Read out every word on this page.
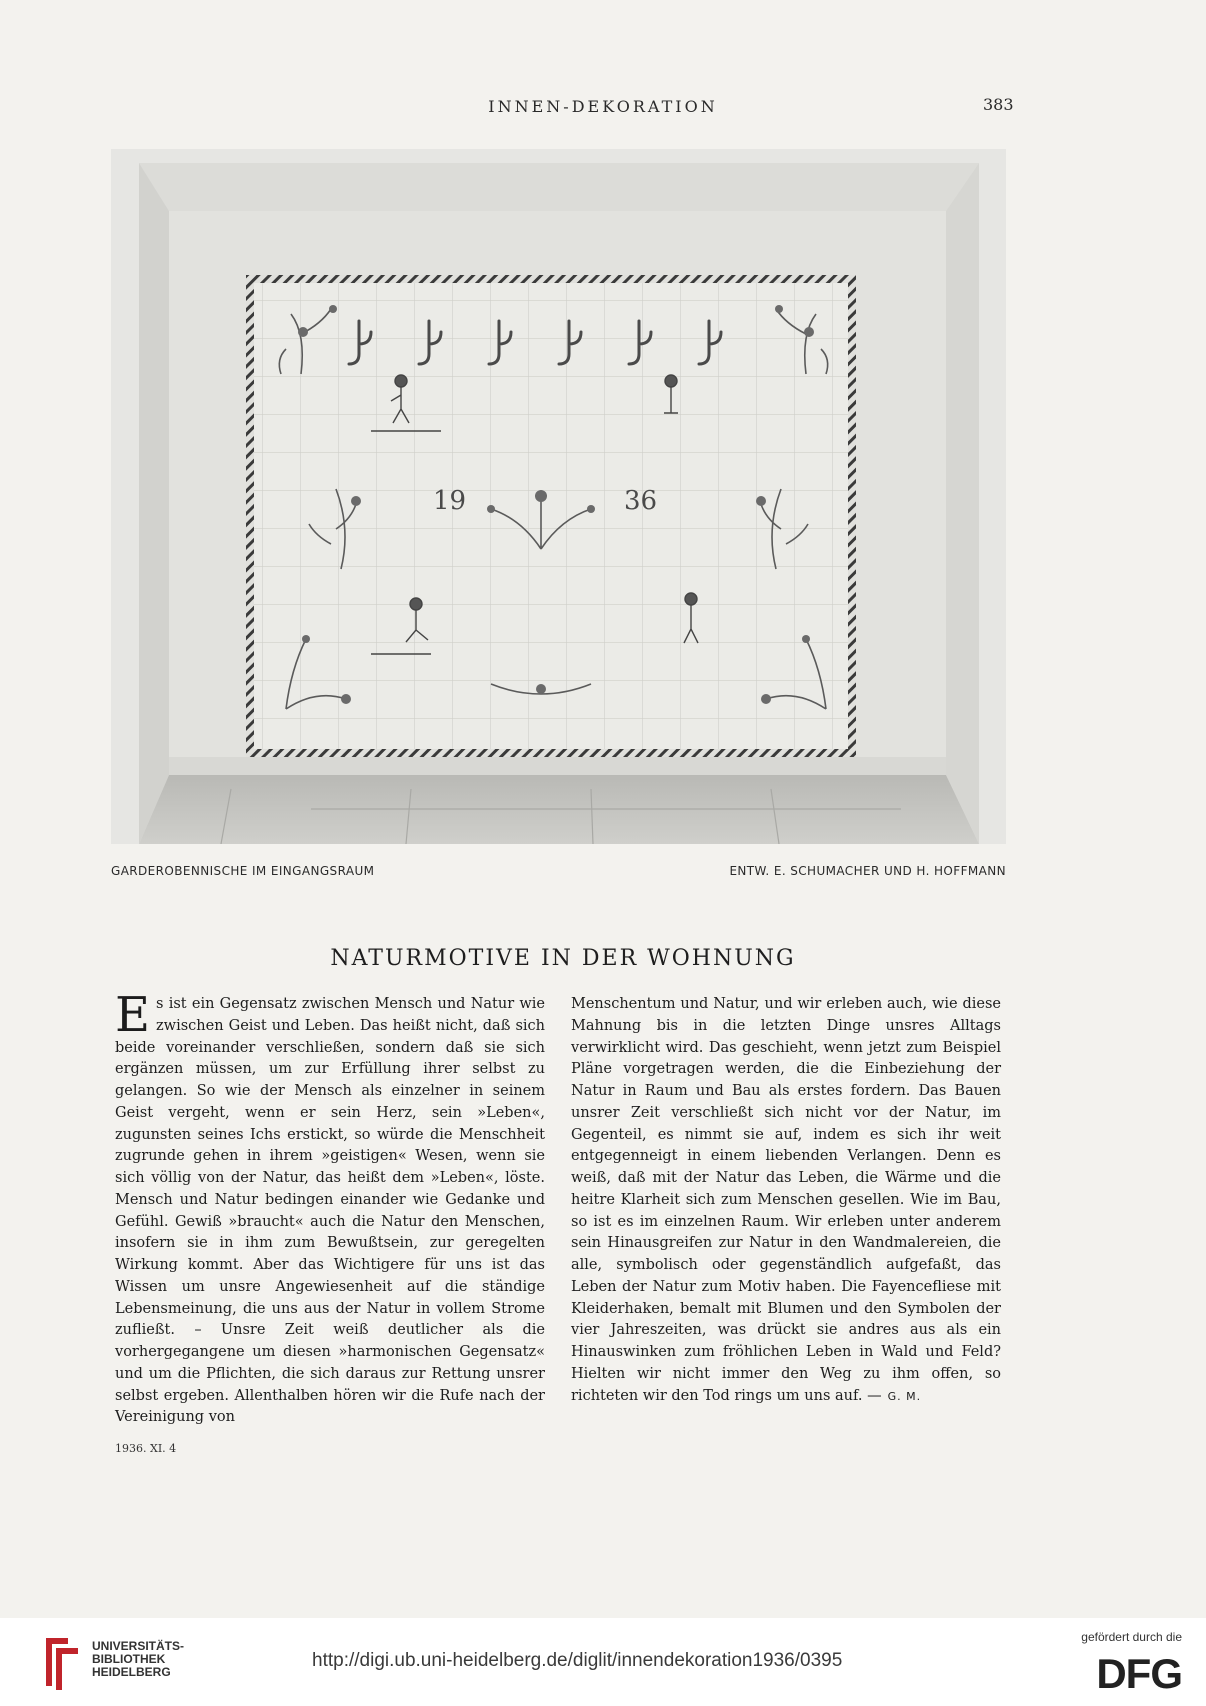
INNEN-DEKORATION	383
19	36
GARDEROBENNISCHE IM EINGANGSRAUM	ENTW. E. SCHUMACHER UND H. HOFFMANN
NATURMOTIVE IN DER WOHNUNG
Es ist ein Gegensatz zwischen Mensch und Natur wie zwischen Geist und Leben. Das heißt nicht, daß sich beide voreinander verschließen, sondern daß sie sich ergänzen müssen, um zur Erfüllung ihrer selbst zu gelangen. So wie der Mensch als einzelner in seinem Geist vergeht, wenn er sein Herz, sein »Leben«, zugunsten seines Ichs erstickt, so würde die Menschheit zugrunde gehen in ihrem »geistigen« Wesen, wenn sie sich völlig von der Natur, das heißt dem »Leben«, löste. Mensch und Natur bedingen einander wie Gedanke und Gefühl. Gewiß »braucht« auch die Natur den Menschen, insofern sie in ihm zum Bewußtsein, zur geregelten Wirkung kommt. Aber das Wichtigere für uns ist das Wissen um unsre Angewiesenheit auf die ständige Lebensmeinung, die uns aus der Natur in vollem Strome zufließt. – Unsre Zeit weiß deutlicher als die vorhergegangene um diesen »harmonischen Gegensatz« und um die Pflichten, die sich daraus zur Rettung unsrer selbst ergeben. Allenthalben hören wir die Rufe nach der Vereinigung von
Menschentum und Natur, und wir erleben auch, wie diese Mahnung bis in die letzten Dinge unsres Alltags verwirklicht wird. Das geschieht, wenn jetzt zum Beispiel Pläne vorgetragen werden, die die Einbeziehung der Natur in Raum und Bau als erstes fordern. Das Bauen unsrer Zeit verschließt sich nicht vor der Natur, im Gegenteil, es nimmt sie auf, indem es sich ihr weit entgegenneigt in einem liebenden Verlangen. Denn es weiß, daß mit der Natur das Leben, die Wärme und die heitre Klarheit sich zum Menschen gesellen. Wie im Bau, so ist es im einzelnen Raum. Wir erleben unter anderem sein Hinausgreifen zur Natur in den Wandmalereien, die alle, symbolisch oder gegenständlich aufgefaßt, das Leben der Natur zum Motiv haben. Die Fayencefliese mit Kleiderhaken, bemalt mit Blumen und den Symbolen der vier Jahreszeiten, was drückt sie andres aus als ein Hinauswinken zum fröhlichen Leben in Wald und Feld? Hielten wir nicht immer den Weg zu ihm offen, so richteten wir den Tod rings um uns auf. — G. M.
1936. XI. 4
UNIVERSITÄTS-
BIBLIOTHEK
HEIDELBERG
http://digi.ub.uni-heidelberg.de/diglit/innendekoration1936/0395
gefördert durch die
DFG
